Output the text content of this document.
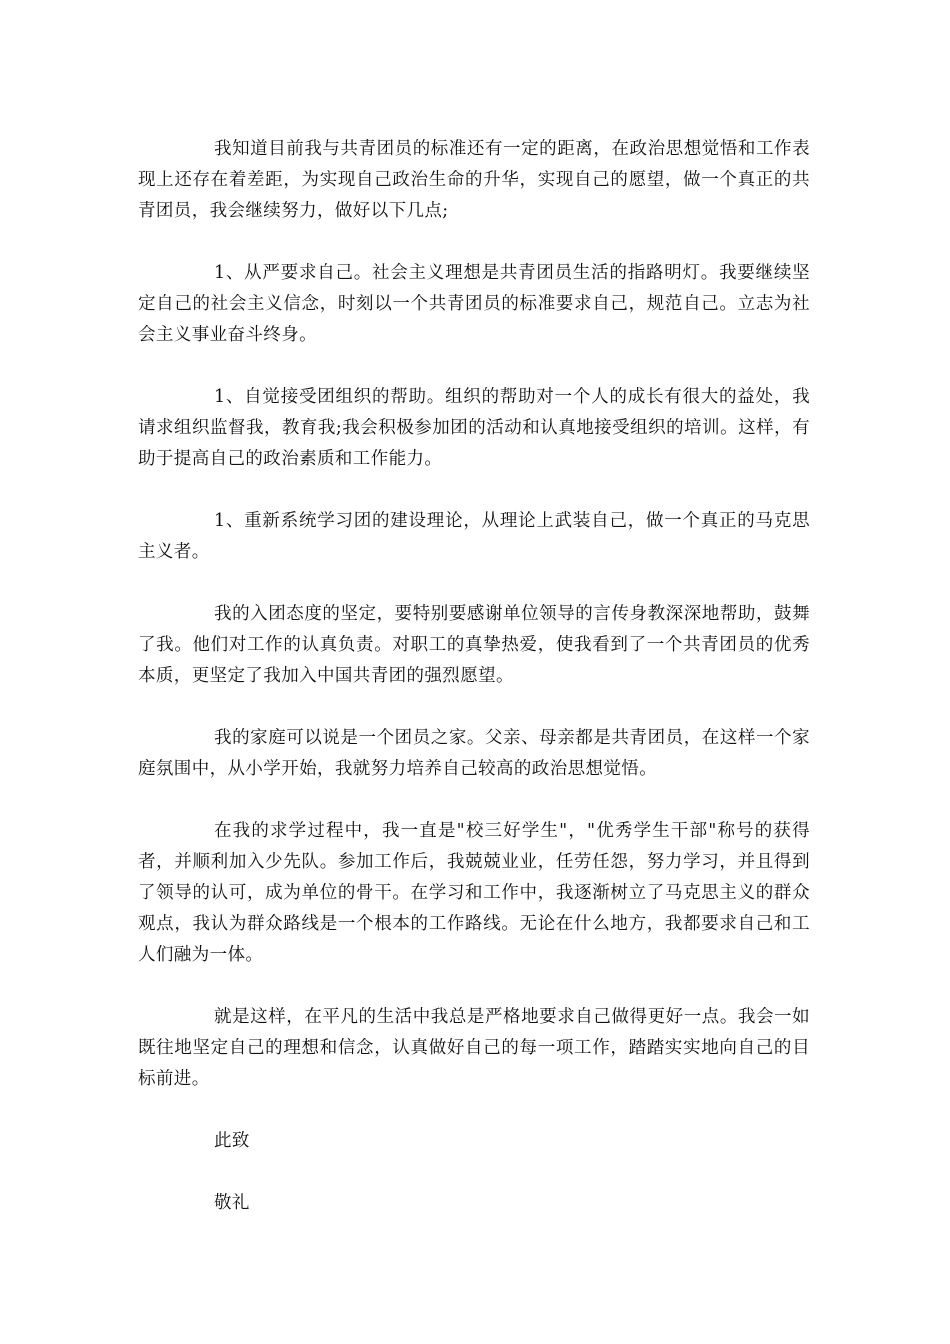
我知道目前我与共青团员的标准还有一定的距离，在政治思想觉悟和工作表现上还存在着差距，为实现自己政治生命的升华，实现自己的愿望，做一个真正的共青团员，我会继续努力，做好以下几点;

1、从严要求自己。社会主义理想是共青团员生活的指路明灯。我要继续坚定自己的社会主义信念，时刻以一个共青团员的标准要求自己，规范自己。立志为社会主义事业奋斗终身。

1、自觉接受团组织的帮助。组织的帮助对一个人的成长有很大的益处，我请求组织监督我，教育我;我会积极参加团的活动和认真地接受组织的培训。这样，有助于提高自己的政治素质和工作能力。

1、重新系统学习团的建设理论，从理论上武装自己，做一个真正的马克思主义者。

我的入团态度的坚定，要特别要感谢单位领导的言传身教深深地帮助，鼓舞了我。他们对工作的认真负责。对职工的真挚热爱，使我看到了一个共青团员的优秀本质，更坚定了我加入中国共青团的强烈愿望。

我的家庭可以说是一个团员之家。父亲、母亲都是共青团员，在这样一个家庭氛围中，从小学开始，我就努力培养自己较高的政治思想觉悟。

在我的求学过程中，我一直是"校三好学生"，"优秀学生干部"称号的获得者，并顺利加入少先队。参加工作后，我兢兢业业，任劳任怨，努力学习，并且得到了领导的认可，成为单位的骨干。在学习和工作中，我逐渐树立了马克思主义的群众观点，我认为群众路线是一个根本的工作路线。无论在什么地方，我都要求自己和工人们融为一体。

就是这样，在平凡的生活中我总是严格地要求自己做得更好一点。我会一如既往地坚定自己的理想和信念，认真做好自己的每一项工作，踏踏实实地向自己的目标前进。

此致

敬礼
